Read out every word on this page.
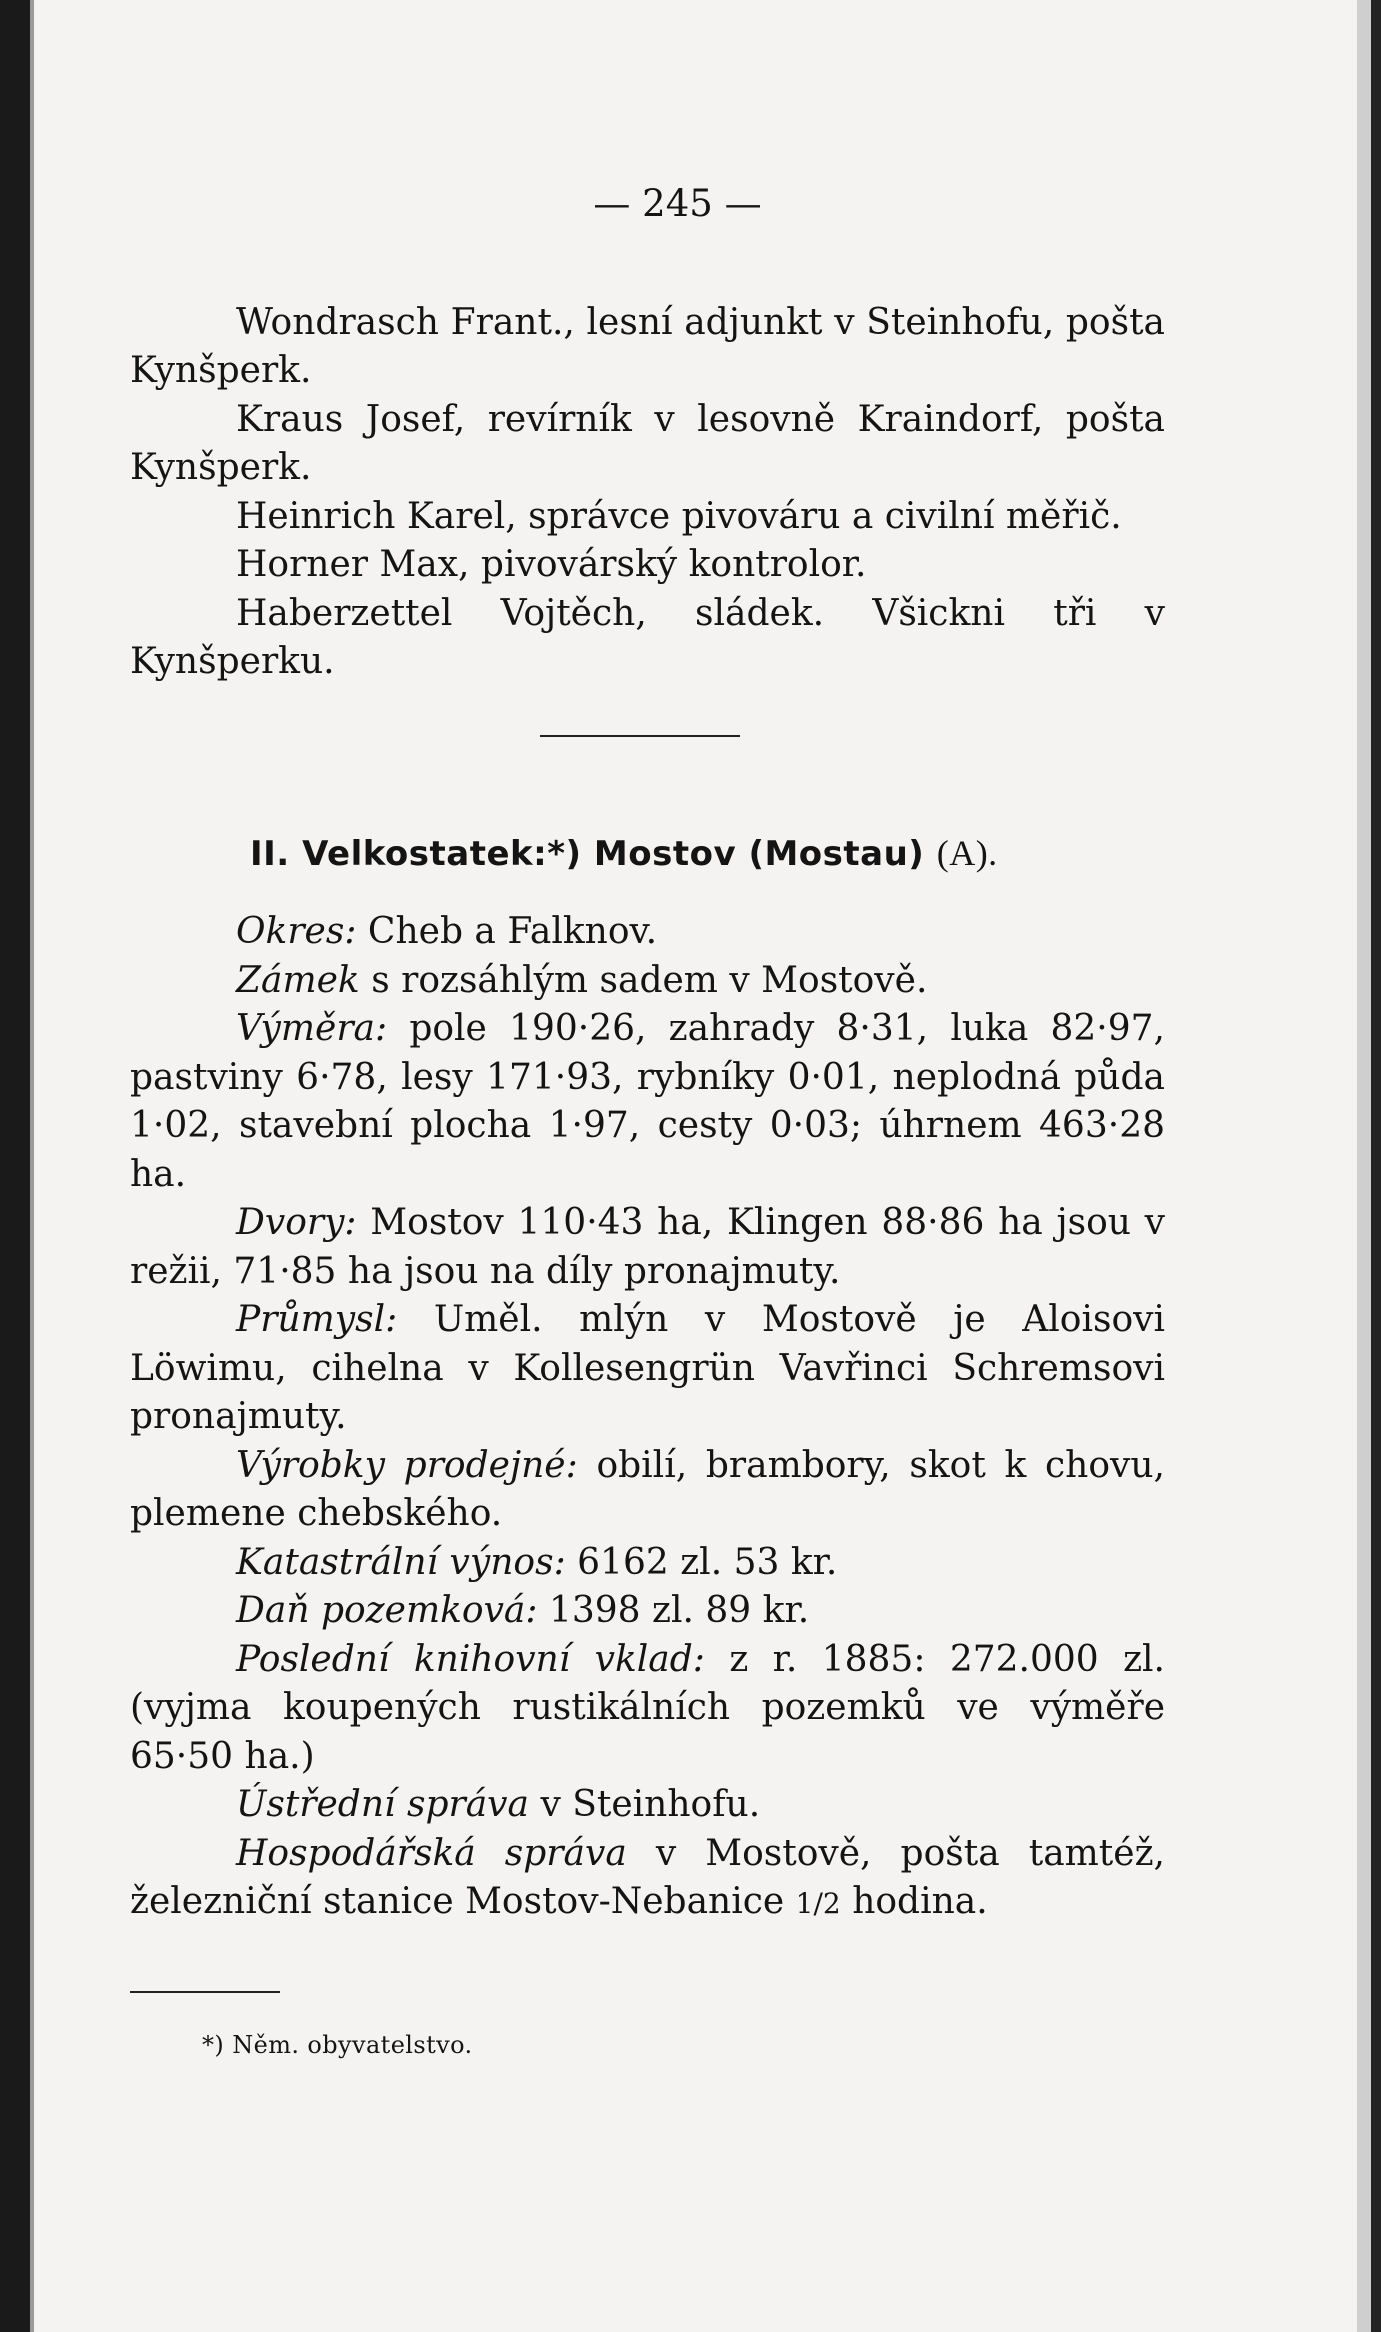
— 245 —

Wondrasch Frant., lesní adjunkt v Steinhofu, pošta Kynšperk.

Kraus Josef, revírník v lesovně Kraindorf, pošta Kynšperk.

Heinrich Karel, správce pivováru a civilní měřič.

Horner Max, pivovárský kontrolor.

Haberzettel Vojtěch, sládek. Všickni tři v Kynšperku.

II. Velkostatek:*) Mostov (Mostau) (A).

Okres: Cheb a Falknov.

Zámek s rozsáhlým sadem v Mostově.

Výměra: pole 190·26, zahrady 8·31, luka 82·97, pastviny 6·78, lesy 171·93, rybníky 0·01, neplodná půda 1·02, stavební plocha 1·97, cesty 0·03; úhrnem 463·28 ha.

Dvory: Mostov 110·43 ha, Klingen 88·86 ha jsou v režii, 71·85 ha jsou na díly pronajmuty.

Průmysl: Uměl. mlýn v Mostově je Aloisovi Löwimu, cihelna v Kollesengrün Vavřinci Schremsovi pronajmuty.

Výrobky prodejné: obilí, brambory, skot k chovu, plemene chebského.

Katastrální výnos: 6162 zl. 53 kr.

Daň pozemková: 1398 zl. 89 kr.

Poslední knihovní vklad: z r. 1885: 272.000 zl. (vyjma koupených rustikálních pozemků ve výměře 65·50 ha.)

Ústřední správa v Steinhofu.

Hospodářská správa v Mostově, pošta tamtéž, železniční stanice Mostov-Nebanice 1/2 hodina.

*) Něm. obyvatelstvo.
